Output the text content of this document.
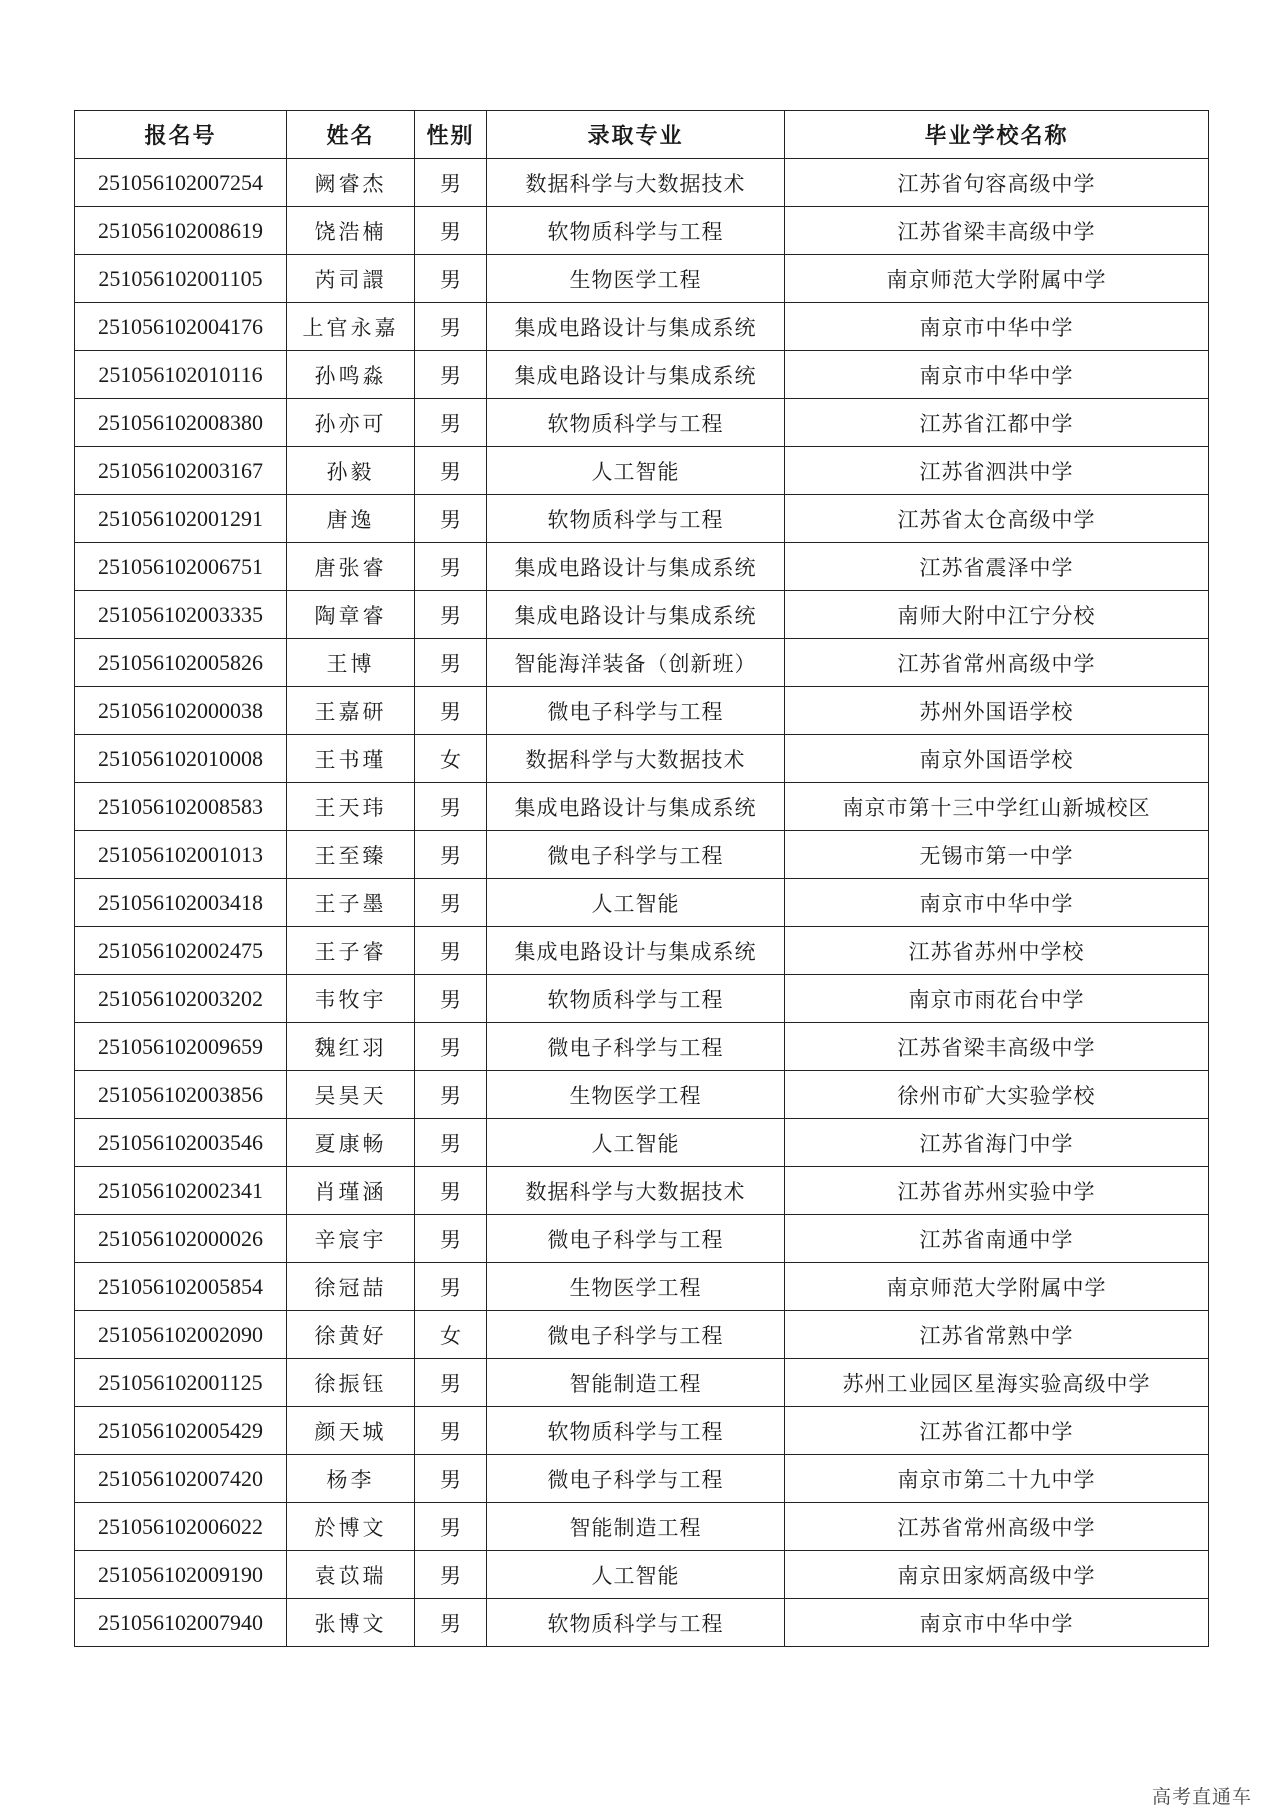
报名号	姓名	性别	录取专业	毕业学校名称
251056102007254	阙睿杰	男	数据科学与大数据技术	江苏省句容高级中学
251056102008619	饶浩楠	男	软物质科学与工程	江苏省梁丰高级中学
251056102001105	芮司譞	男	生物医学工程	南京师范大学附属中学
251056102004176	上官永嘉	男	集成电路设计与集成系统	南京市中华中学
251056102010116	孙鸣淼	男	集成电路设计与集成系统	南京市中华中学
251056102008380	孙亦可	男	软物质科学与工程	江苏省江都中学
251056102003167	孙毅	男	人工智能	江苏省泗洪中学
251056102001291	唐逸	男	软物质科学与工程	江苏省太仓高级中学
251056102006751	唐张睿	男	集成电路设计与集成系统	江苏省震泽中学
251056102003335	陶章睿	男	集成电路设计与集成系统	南师大附中江宁分校
251056102005826	王博	男	智能海洋装备（创新班）	江苏省常州高级中学
251056102000038	王嘉研	男	微电子科学与工程	苏州外国语学校
251056102010008	王书瑾	女	数据科学与大数据技术	南京外国语学校
251056102008583	王天玮	男	集成电路设计与集成系统	南京市第十三中学红山新城校区
251056102001013	王至臻	男	微电子科学与工程	无锡市第一中学
251056102003418	王子墨	男	人工智能	南京市中华中学
251056102002475	王子睿	男	集成电路设计与集成系统	江苏省苏州中学校
251056102003202	韦牧宇	男	软物质科学与工程	南京市雨花台中学
251056102009659	魏红羽	男	微电子科学与工程	江苏省梁丰高级中学
251056102003856	吴昊天	男	生物医学工程	徐州市矿大实验学校
251056102003546	夏康畅	男	人工智能	江苏省海门中学
251056102002341	肖瑾涵	男	数据科学与大数据技术	江苏省苏州实验中学
251056102000026	辛宸宇	男	微电子科学与工程	江苏省南通中学
251056102005854	徐冠喆	男	生物医学工程	南京师范大学附属中学
251056102002090	徐黄好	女	微电子科学与工程	江苏省常熟中学
251056102001125	徐振钰	男	智能制造工程	苏州工业园区星海实验高级中学
251056102005429	颜天城	男	软物质科学与工程	江苏省江都中学
251056102007420	杨李	男	微电子科学与工程	南京市第二十九中学
251056102006022	於博文	男	智能制造工程	江苏省常州高级中学
251056102009190	袁苡瑞	男	人工智能	南京田家炳高级中学
251056102007940	张博文	男	软物质科学与工程	南京市中华中学
高考直通车
